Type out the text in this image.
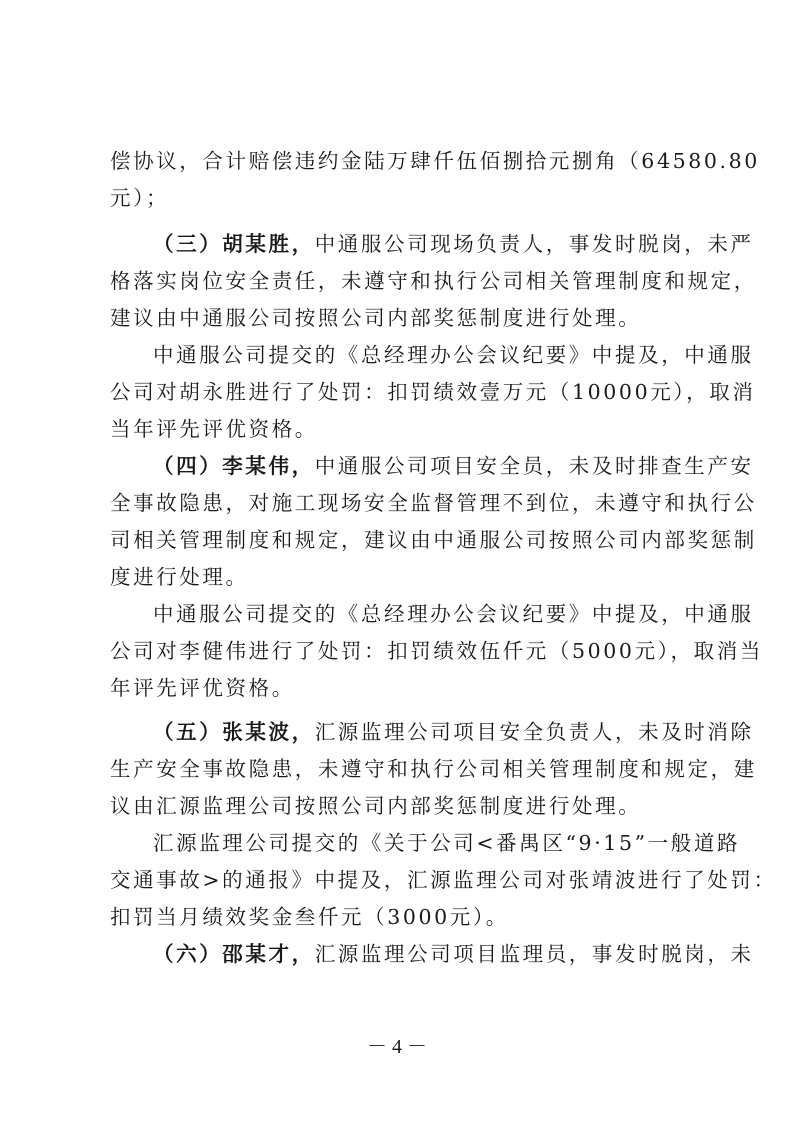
偿协议，合计赔偿违约金陆万肆仟伍佰捌拾元捌角（64580.80
元）；
（三）胡某胜，中通服公司现场负责人，事发时脱岗，未严
格落实岗位安全责任，未遵守和执行公司相关管理制度和规定，
建议由中通服公司按照公司内部奖惩制度进行处理。
中通服公司提交的《总经理办公会议纪要》中提及，中通服
公司对胡永胜进行了处罚：扣罚绩效壹万元（10000元），取消
当年评先评优资格。
（四）李某伟，中通服公司项目安全员，未及时排查生产安
全事故隐患，对施工现场安全监督管理不到位，未遵守和执行公
司相关管理制度和规定，建议由中通服公司按照公司内部奖惩制
度进行处理。
中通服公司提交的《总经理办公会议纪要》中提及，中通服
公司对李健伟进行了处罚：扣罚绩效伍仟元（5000元），取消当
年评先评优资格。
（五）张某波，汇源监理公司项目安全负责人，未及时消除
生产安全事故隐患，未遵守和执行公司相关管理制度和规定，建
议由汇源监理公司按照公司内部奖惩制度进行处理。
汇源监理公司提交的《关于公司<番禺区“9·15”一般道路
交通事故>的通报》中提及，汇源监理公司对张靖波进行了处罚：
扣罚当月绩效奖金叁仟元（3000元）。
（六）邵某才，汇源监理公司项目监理员，事发时脱岗，未
－ 4 －
